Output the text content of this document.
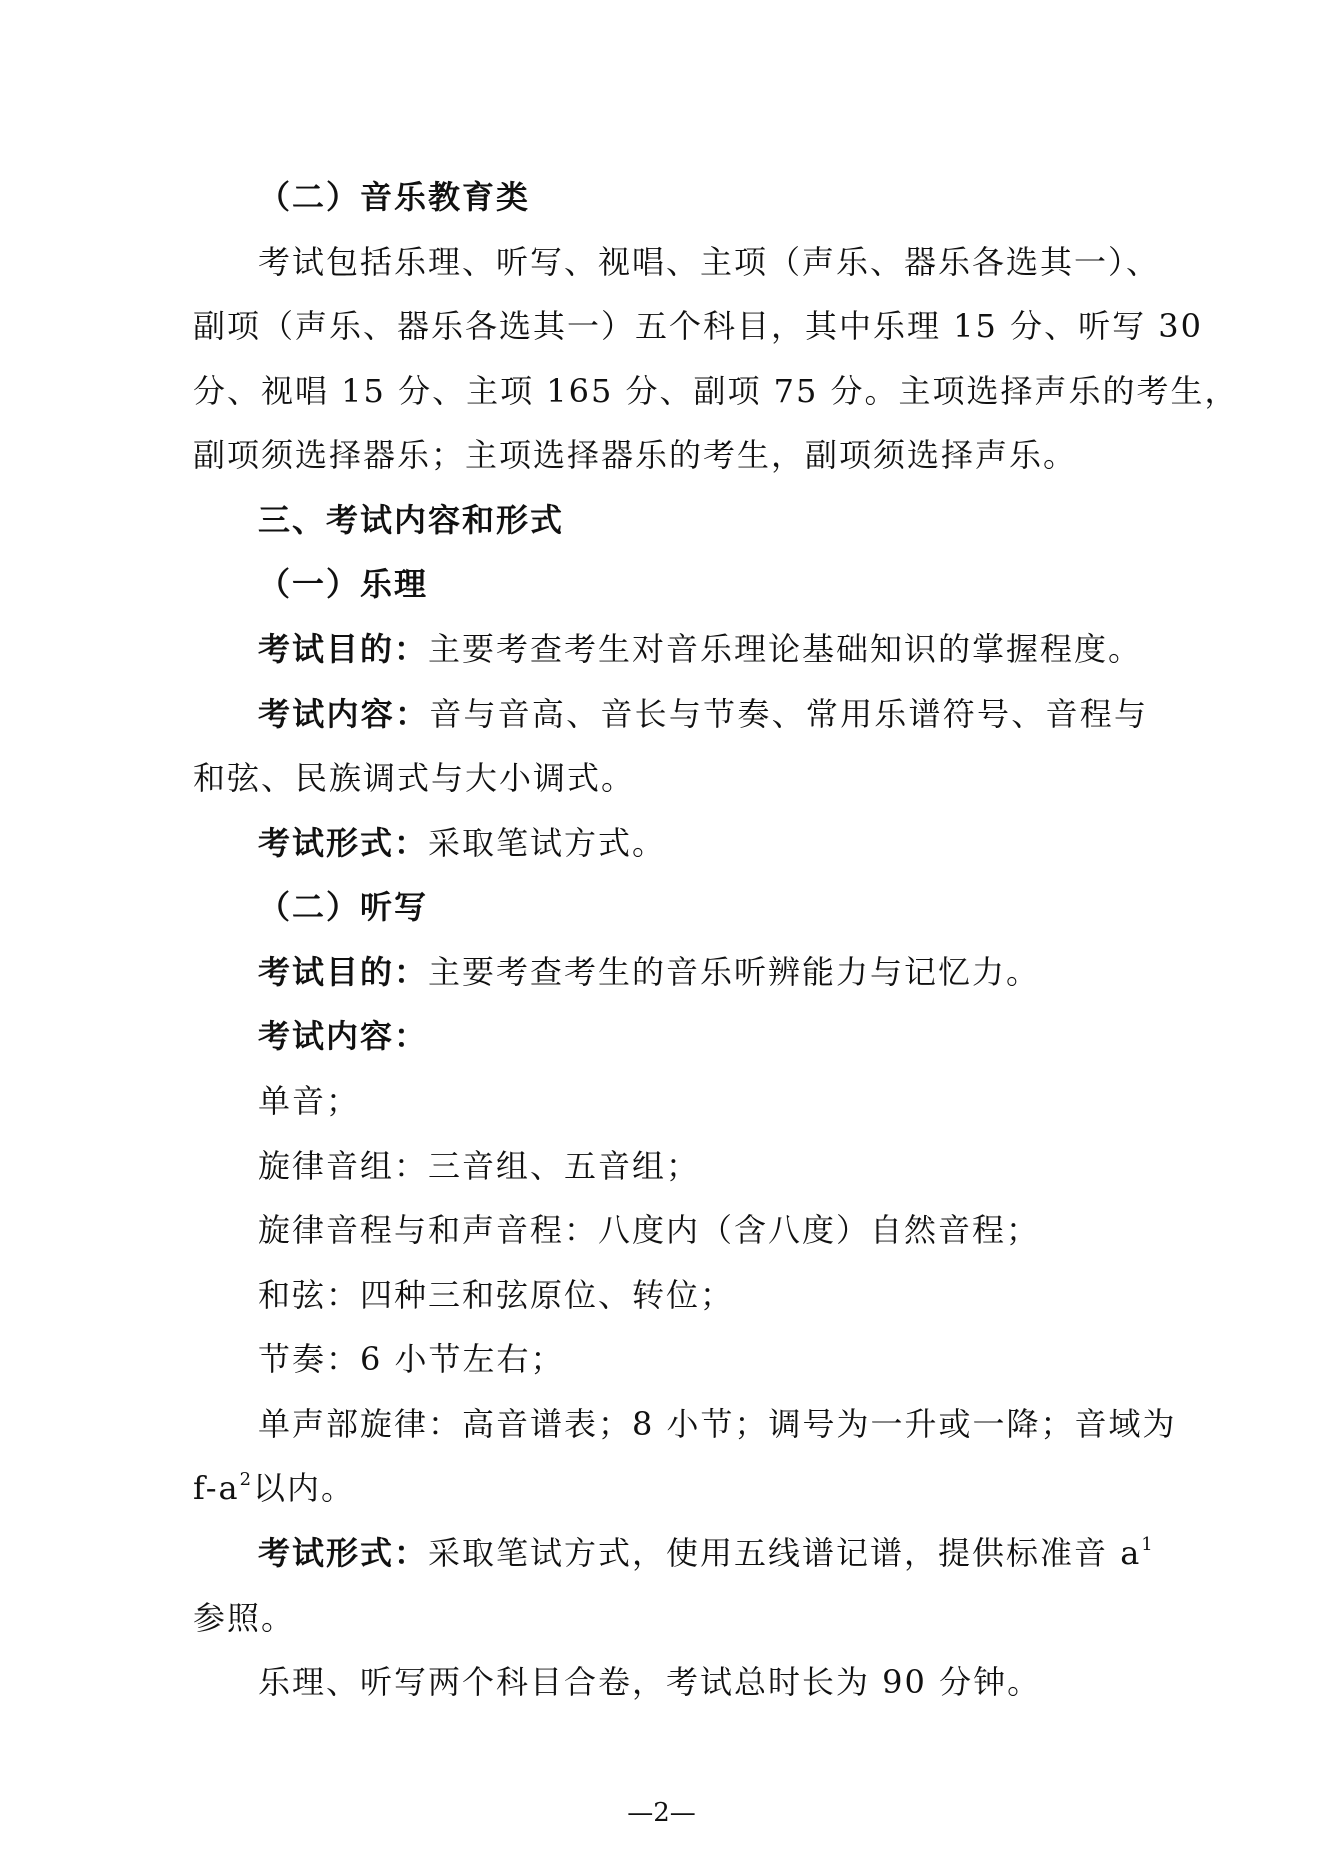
（二）音乐教育类
考试包括乐理、听写、视唱、主项（声乐、器乐各选其一）、
副项（声乐、器乐各选其一）五个科目，其中乐理 15 分、听写 30
分、视唱 15 分、主项 165 分、副项 75 分。主项选择声乐的考生，
副项须选择器乐；主项选择器乐的考生，副项须选择声乐。
三、考试内容和形式
（一）乐理
考试目的：主要考查考生对音乐理论基础知识的掌握程度。
考试内容：音与音高、音长与节奏、常用乐谱符号、音程与
和弦、民族调式与大小调式。
考试形式：采取笔试方式。
（二）听写
考试目的：主要考查考生的音乐听辨能力与记忆力。
考试内容：
单音；
旋律音组：三音组、五音组；
旋律音程与和声音程：八度内（含八度）自然音程；
和弦：四种三和弦原位、转位；
节奏：6 小节左右；
单声部旋律：高音谱表；8 小节；调号为一升或一降；音域为
$f-a^2$以内。
考试形式：采取笔试方式，使用五线谱记谱，提供标准音 $a^1$
参照。
乐理、听写两个科目合卷，考试总时长为 90 分钟。
—2—
